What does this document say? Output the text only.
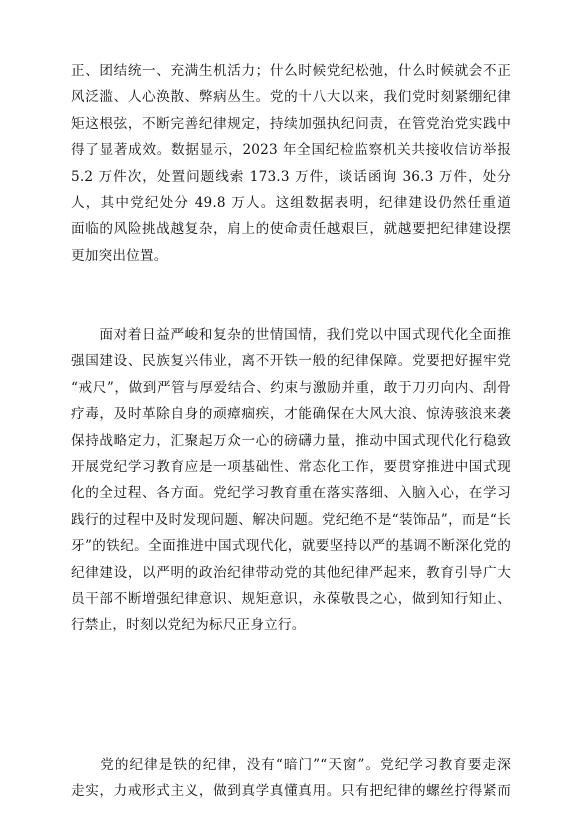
正、团结统一、充满生机活力；什么时候党纪松弛，什么时候就会不正
风泛滥、人心涣散、弊病丛生。党的十八大以来，我们党时刻紧绷纪律
矩这根弦，不断完善纪律规定，持续加强执纪问责，在管党治党实践中
得了显著成效。数据显示，2023 年全国纪检监察机关共接收信访举报
5.2 万件次，处置问题线索 173.3 万件，谈话函询 36.3 万件，处分
人，其中党纪处分 49.8 万人。这组数据表明，纪律建设仍然任重道
面临的风险挑战越复杂，肩上的使命责任越艰巨，就越要把纪律建设摆
更加突出位置。
　　面对着日益严峻和复杂的世情国情，我们党以中国式现代化全面推
强国建设、民族复兴伟业，离不开铁一般的纪律保障。党要把好握牢党
“戒尺”，做到严管与厚爱结合、约束与激励并重，敢于刀刃向内、刮骨
疗毒，及时革除自身的顽瘴痼疾，才能确保在大风大浪、惊涛骇浪来袭
保持战略定力，汇聚起万众一心的磅礴力量，推动中国式现代化行稳致
开展党纪学习教育应是一项基础性、常态化工作，要贯穿推进中国式现
化的全过程、各方面。党纪学习教育重在落实落细、入脑入心，在学习
践行的过程中及时发现问题、解决问题。党纪绝不是“装饰品”，而是“长
牙”的铁纪。全面推进中国式现代化，就要坚持以严的基调不断深化党的
纪律建设，以严明的政治纪律带动党的其他纪律严起来，教育引导广大
员干部不断增强纪律意识、规矩意识，永葆敬畏之心，做到知行知止、
行禁止，时刻以党纪为标尺正身立行。
　　党的纪律是铁的纪律，没有“暗门”“天窗”。党纪学习教育要走深
走实，力戒形式主义，做到真学真懂真用。只有把纪律的螺丝拧得紧而
